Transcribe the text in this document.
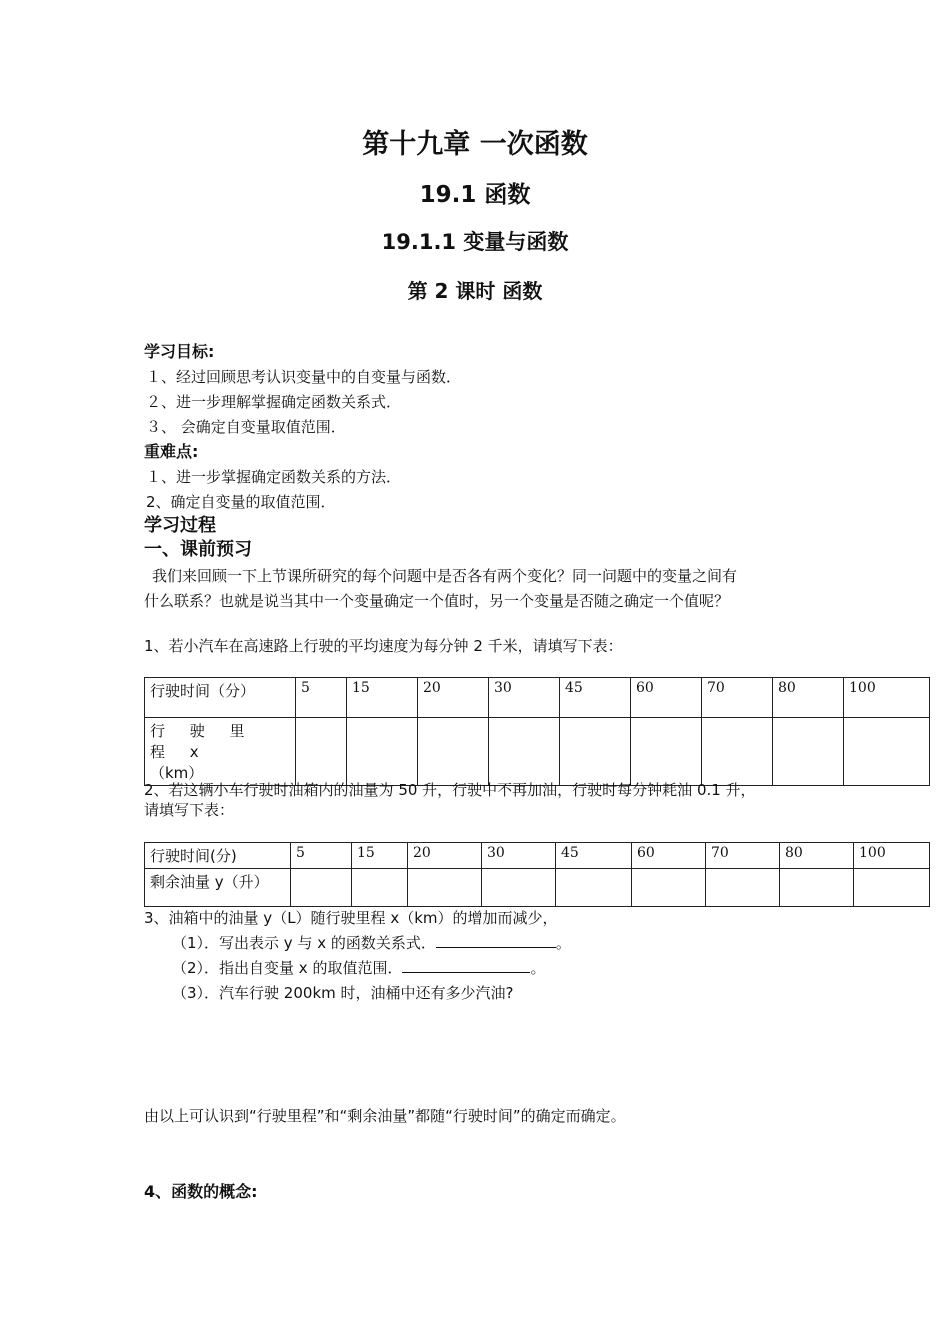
第十九章 一次函数
19.1 函数
19.1.1 变量与函数
第 2 课时 函数
学习目标:
１、经过回顾思考认识变量中的自变量与函数．
２、进一步理解掌握确定函数关系式．
３、 会确定自变量取值范围．
重难点:
１、进一步掌握确定函数关系的方法．
2、确定自变量的取值范围．
学习过程
一、课前预习
我们来回顾一下上节课所研究的每个问题中是否各有两个变化？同一问题中的变量之间有
什么联系？也就是说当其中一个变量确定一个值时，另一个变量是否随之确定一个值呢？
1、若小汽车在高速路上行驶的平均速度为每分钟 2 千米，请填写下表：
行驶时间（分）	5	15	20	30	45	60	70	80	100

行 驶 里 程 x
（km）									

2、若这辆小车行驶时油箱内的油量为 50 升，行驶中不再加油，行驶时每分钟耗油 0.1 升，
请填写下表：
行驶时间(分)	5	15	20	30	45	60	70	80	100
剩余油量 y（升）									
3、油箱中的油量 y（L）随行驶里程 x（km）的增加而减少，
（1）．写出表示 y 与 x 的函数关系式．	。
（2）．指出自变量 x 的取值范围．	。
（3）．汽车行驶 200km 时，油桶中还有多少汽油?
由以上可认识到“行驶里程”和“剩余油量”都随“行驶时间”的确定而确定。
4、函数的概念:
